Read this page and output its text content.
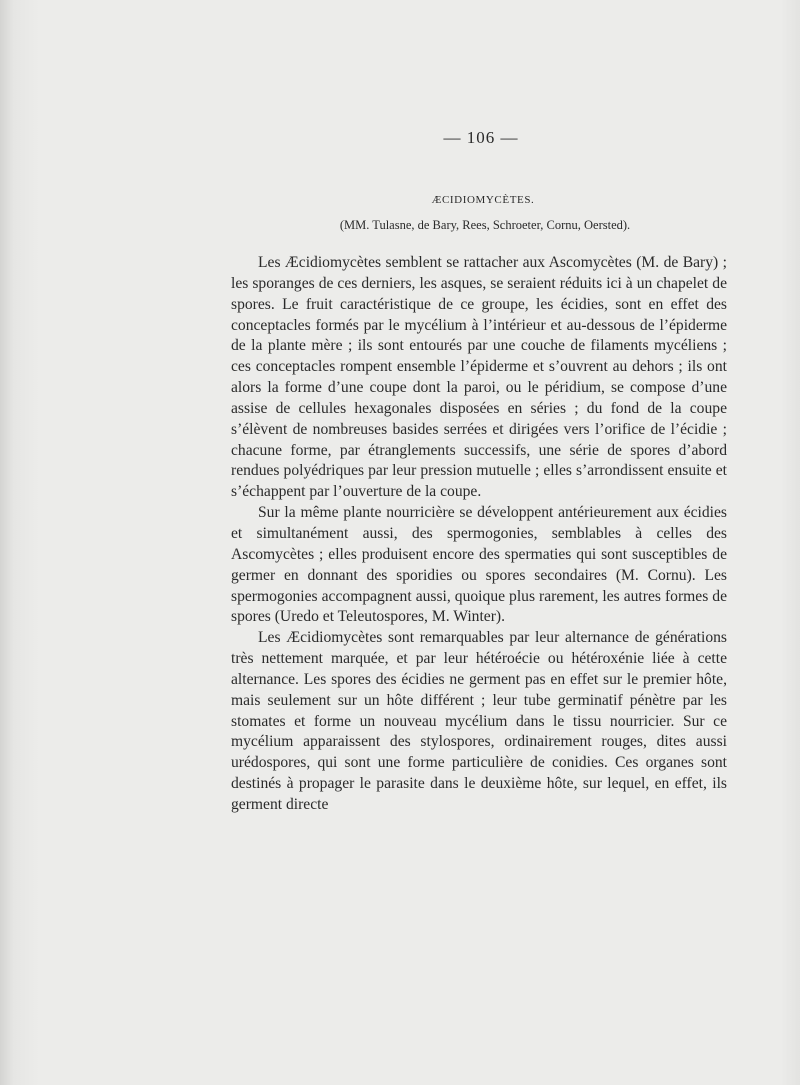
— 106 —
ÆCIDIOMYCÈTES.
(MM. Tulasne, de Bary, Rees, Schroeter, Cornu, Oersted).

Les Æcidiomycètes semblent se rattacher aux Ascomycètes (M. de Bary) ; les sporanges de ces derniers, les asques, se seraient réduits ici à un chapelet de spores. Le fruit caractéristique de ce groupe, les écidies, sont en effet des conceptacles formés par le mycélium à l’intérieur et au-dessous de l’épiderme de la plante mère ; ils sont entourés par une couche de filaments mycéliens ; ces conceptacles rompent ensemble l’épiderme et s’ouvrent au dehors ; ils ont alors la forme d’une coupe dont la paroi, ou le péridium, se compose d’une assise de cellules hexagonales disposées en séries ; du fond de la coupe s’élèvent de nombreuses basides serrées et dirigées vers l’orifice de l’écidie ; chacune forme, par étranglements successifs, une série de spores d’abord rendues polyédriques par leur pression mutuelle ; elles s’arrondissent ensuite et s’échappent par l’ouverture de la coupe.

Sur la même plante nourricière se développent antérieurement aux écidies et simultanément aussi, des spermogonies, semblables à celles des Ascomycètes ; elles produisent encore des spermaties qui sont susceptibles de germer en donnant des sporidies ou spores secondaires (M. Cornu). Les spermogonies accompagnent aussi, quoique plus rarement, les autres formes de spores (Uredo et Teleutospores, M. Winter).

Les Æcidiomycètes sont remarquables par leur alternance de générations très nettement marquée, et par leur hétéroécie ou hétéroxénie liée à cette alternance. Les spores des écidies ne germent pas en effet sur le premier hôte, mais seulement sur un hôte différent ; leur tube germinatif pénètre par les stomates et forme un nouveau mycélium dans le tissu nourricier. Sur ce mycélium apparaissent des stylospores, ordinairement rouges, dites aussi urédospores, qui sont une forme particulière de conidies. Ces organes sont destinés à propager le parasite dans le deuxième hôte, sur lequel, en effet, ils germent directe
